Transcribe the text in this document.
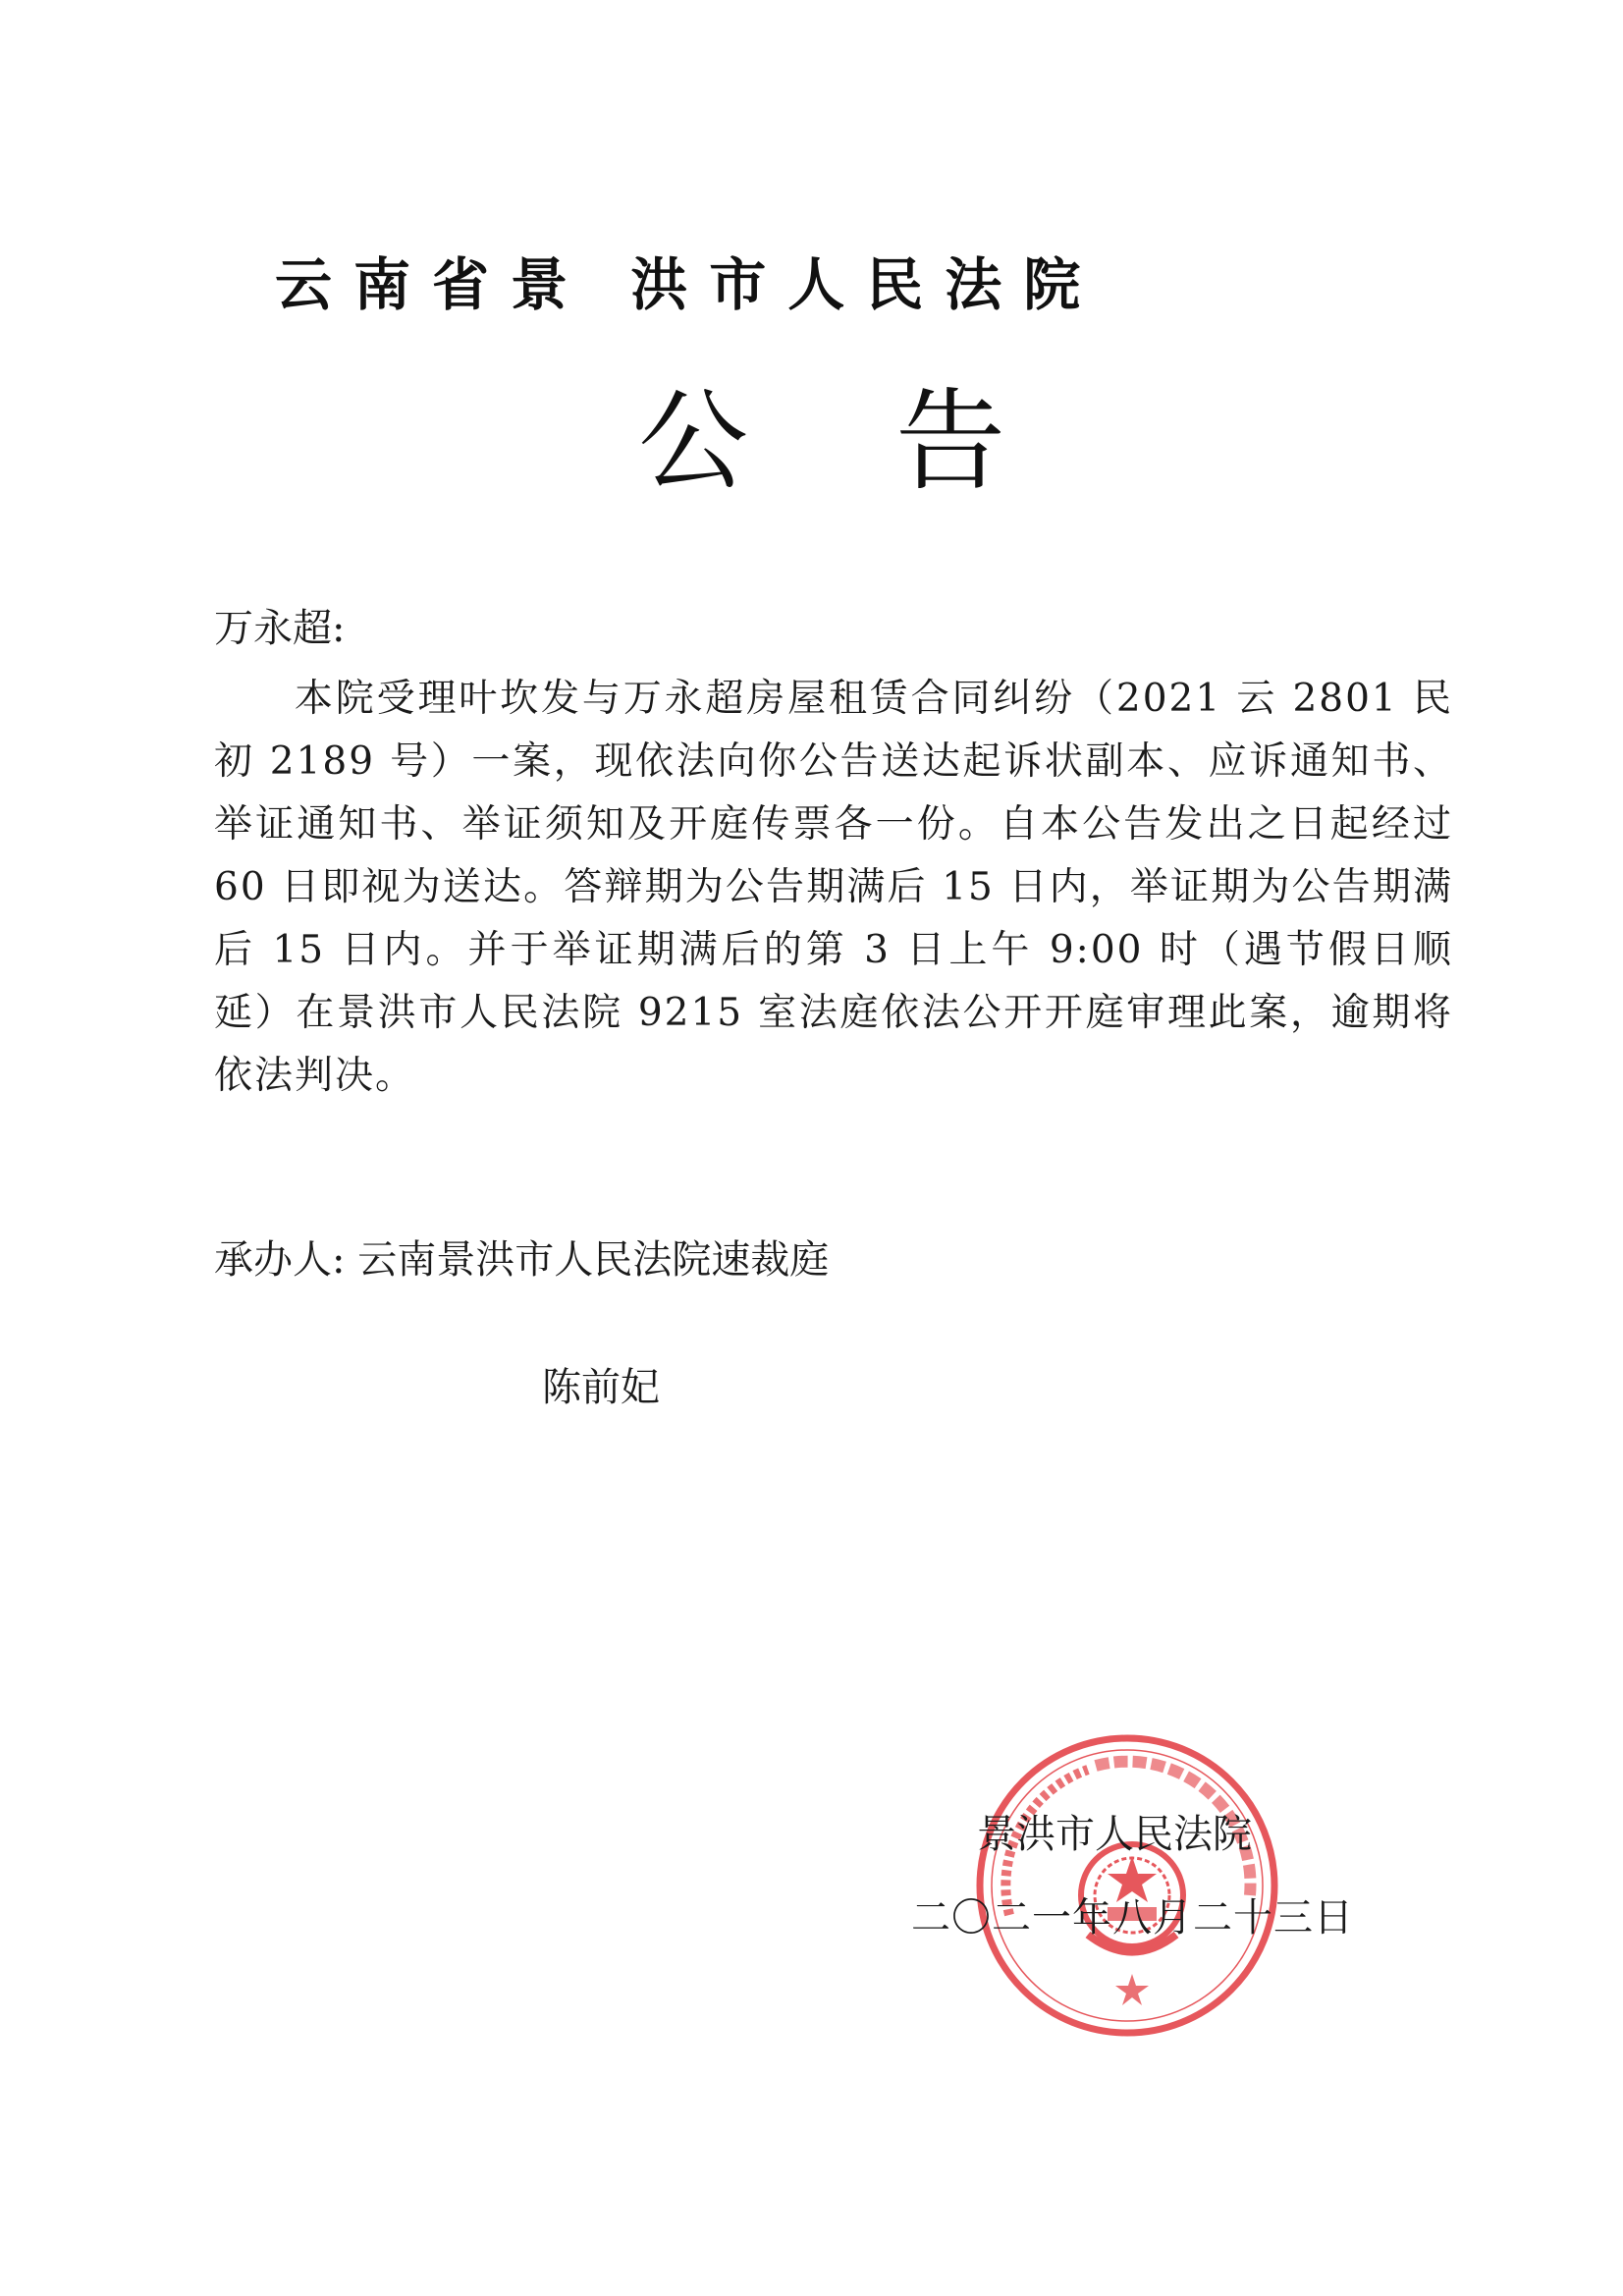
云南省景 洪市人民法院
公告
万永超:
本院受理叶坎发与万永超房屋租赁合同纠纷（2021 云 2801 民初 2189 号）一案，现依法向你公告送达起诉状副本、应诉通知书、举证通知书、举证须知及开庭传票各一份。自本公告发出之日起经过 60 日即视为送达。答辩期为公告期满后 15 日内，举证期为公告期满后 15 日内。并于举证期满后的第 3 日上午 9:00 时（遇节假日顺延）在景洪市人民法院 9215 室法庭依法公开开庭审理此案，逾期将依法判决。
承办人: 云南景洪市人民法院速裁庭
陈前妃
景洪市人民法院
二〇二一年八月二十三日
